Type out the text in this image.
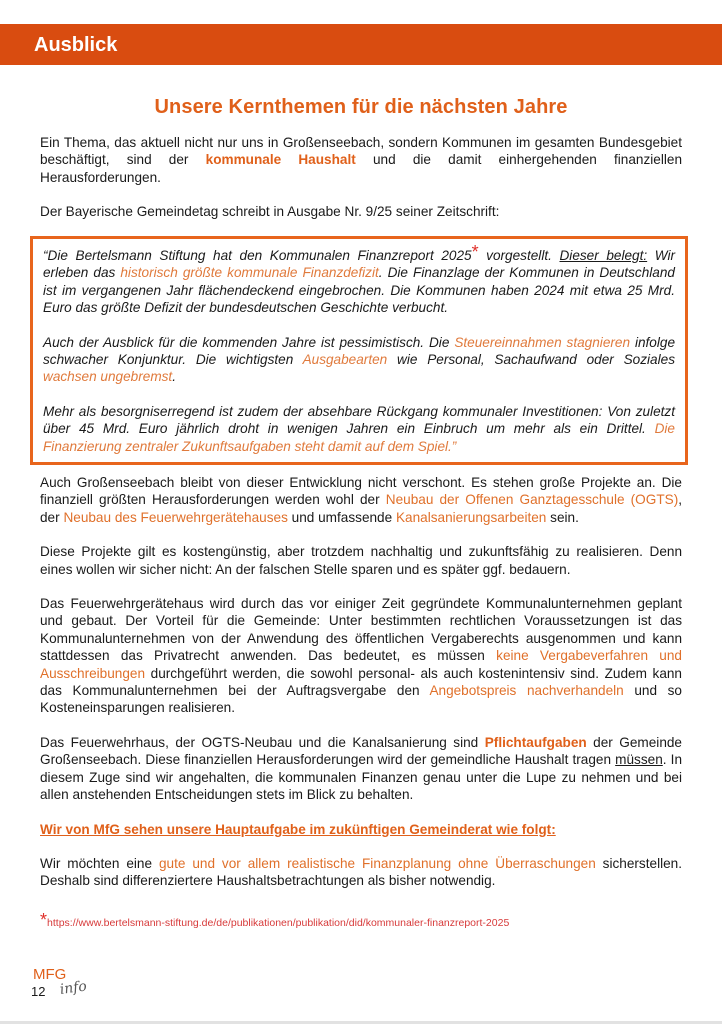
Ausblick
Unsere Kernthemen für die nächsten Jahre

Ein Thema, das aktuell nicht nur uns in Großenseebach, sondern Kommunen im gesamten Bundesgebiet beschäftigt, sind der kommunale Haushalt und die damit einhergehenden finanziellen Herausforderungen.

Der Bayerische Gemeindetag schreibt in Ausgabe Nr. 9/25 seiner Zeitschrift:

“Die Bertelsmann Stiftung hat den Kommunalen Finanzreport 2025* vorgestellt. Dieser belegt: Wir erleben das historisch größte kommunale Finanzdefizit. Die Finanzlage der Kommunen in Deutschland ist im vergangenen Jahr flächendeckend eingebrochen. Die Kommunen haben 2024 mit etwa 25 Mrd. Euro das größte Defizit der bundesdeutschen Geschichte verbucht.

Auch der Ausblick für die kommenden Jahre ist pessimistisch. Die Steuereinnahmen stagnieren infolge schwacher Konjunktur. Die wichtigsten Ausgabearten wie Personal, Sachaufwand oder Soziales wachsen ungebremst.

Mehr als besorgniserregend ist zudem der absehbare Rückgang kommunaler Investitionen: Von zuletzt über 45 Mrd. Euro jährlich droht in wenigen Jahren ein Einbruch um mehr als ein Drittel. Die Finanzierung zentraler Zukunftsaufgaben steht damit auf dem Spiel.”

Auch Großenseebach bleibt von dieser Entwicklung nicht verschont. Es stehen große Projekte an. Die finanziell größten Herausforderungen werden wohl der Neubau der Offenen Ganztagesschule (OGTS), der Neubau des Feuerwehrgerätehauses und umfassende Kanalsanierungsarbeiten sein.

Diese Projekte gilt es kostengünstig, aber trotzdem nachhaltig und zukunftsfähig zu realisieren. Denn eines wollen wir sicher nicht: An der falschen Stelle sparen und es später ggf. bedauern.

Das Feuerwehrgerätehaus wird durch das vor einiger Zeit gegründete Kommunalunternehmen geplant und gebaut. Der Vorteil für die Gemeinde: Unter bestimmten rechtlichen Voraussetzungen ist das Kommunalunternehmen von der Anwendung des öffentlichen Vergaberechts ausgenommen und kann stattdessen das Privatrecht anwenden. Das bedeutet, es müssen keine Vergabeverfahren und Ausschreibungen durchgeführt werden, die sowohl personal- als auch kostenintensiv sind. Zudem kann das Kommunalunternehmen bei der Auftragsvergabe den Angebotspreis nachverhandeln und so Kosteneinsparungen realisieren.

Das Feuerwehrhaus, der OGTS-Neubau und die Kanalsanierung sind Pflichtaufgaben der Gemeinde Großenseebach. Diese finanziellen Herausforderungen wird der gemeindliche Haushalt tragen müssen. In diesem Zuge sind wir angehalten, die kommunalen Finanzen genau unter die Lupe zu nehmen und bei allen anstehenden Entscheidungen stets im Blick zu behalten.

Wir von MfG sehen unsere Hauptaufgabe im zukünftigen Gemeinderat wie folgt:

Wir möchten eine gute und vor allem realistische Finanzplanung ohne Überraschungen sicherstellen. Deshalb sind differenziertere Haushaltsbetrachtungen als bisher notwendig.

*https://www.bertelsmann-stiftung.de/de/publikationen/publikation/did/kommunaler-finanzreport-2025
MFG
12 info
